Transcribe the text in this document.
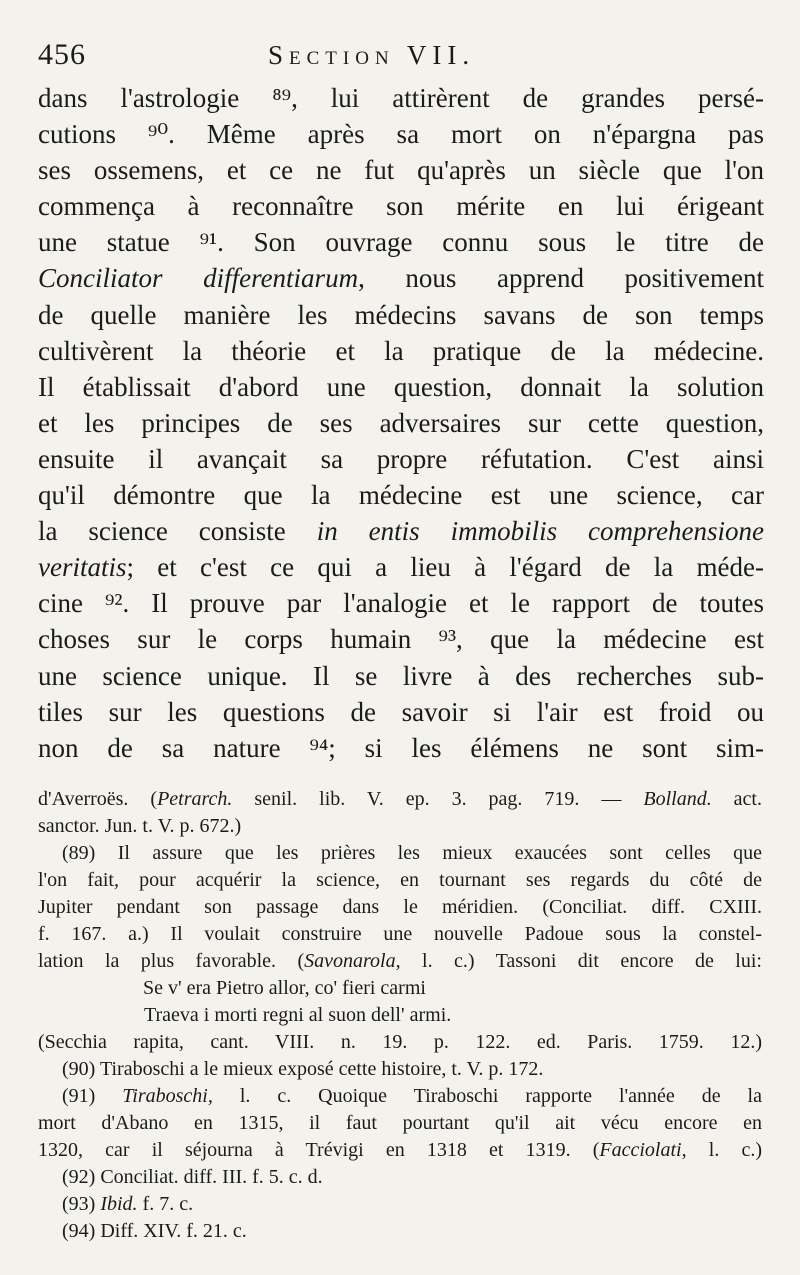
456	Section VII.
dans l'astrologie ⁸⁹, lui attirèrent de grandes persé-
cutions ⁹⁰. Même après sa mort on n'épargna pas
ses ossemens, et ce ne fut qu'après un siècle que l'on
commença à reconnaître son mérite en lui érigeant
une statue ⁹¹. Son ouvrage connu sous le titre de
Conciliator differentiarum, nous apprend positivement
de quelle manière les médecins savans de son temps
cultivèrent la théorie et la pratique de la médecine.
Il établissait d'abord une question, donnait la solution
et les principes de ses adversaires sur cette question,
ensuite il avançait sa propre réfutation. C'est ainsi
qu'il démontre que la médecine est une science, car
la science consiste in entis immobilis comprehensione
veritatis; et c'est ce qui a lieu à l'égard de la méde-
cine ⁹². Il prouve par l'analogie et le rapport de toutes
choses sur le corps humain ⁹³, que la médecine est
une science unique. Il se livre à des recherches sub-
tiles sur les questions de savoir si l'air est froid ou
non de sa nature ⁹⁴; si les élémens ne sont sim-
d'Averroës. (Petrarch. senil. lib. V. ep. 3. pag. 719. — Bolland. act.
sanctor. Jun. t. V. p. 672.)
(89) Il assure que les prières les mieux exaucées sont celles que
l'on fait, pour acquérir la science, en tournant ses regards du côté de
Jupiter pendant son passage dans le méridien. (Conciliat. diff. CXIII.
f. 167. a.) Il voulait construire une nouvelle Padoue sous la constel-
lation la plus favorable. (Savonarola, l. c.) Tassoni dit encore de lui:
Se v' era Pietro allor, co' fieri carmi
Traeva i morti regni al suon dell' armi.
(Secchia rapita, cant. VIII. n. 19. p. 122. ed. Paris. 1759. 12.)
(90) Tiraboschi a le mieux exposé cette histoire, t. V. p. 172.
(91) Tiraboschi, l. c. Quoique Tiraboschi rapporte l'année de la
mort d'Abano en 1315, il faut pourtant qu'il ait vécu encore en
1320, car il séjourna à Trévigi en 1318 et 1319. (Facciolati, l. c.)
(92) Conciliat. diff. III. f. 5. c. d.
(93) Ibid. f. 7. c.
(94) Diff. XIV. f. 21. c.
